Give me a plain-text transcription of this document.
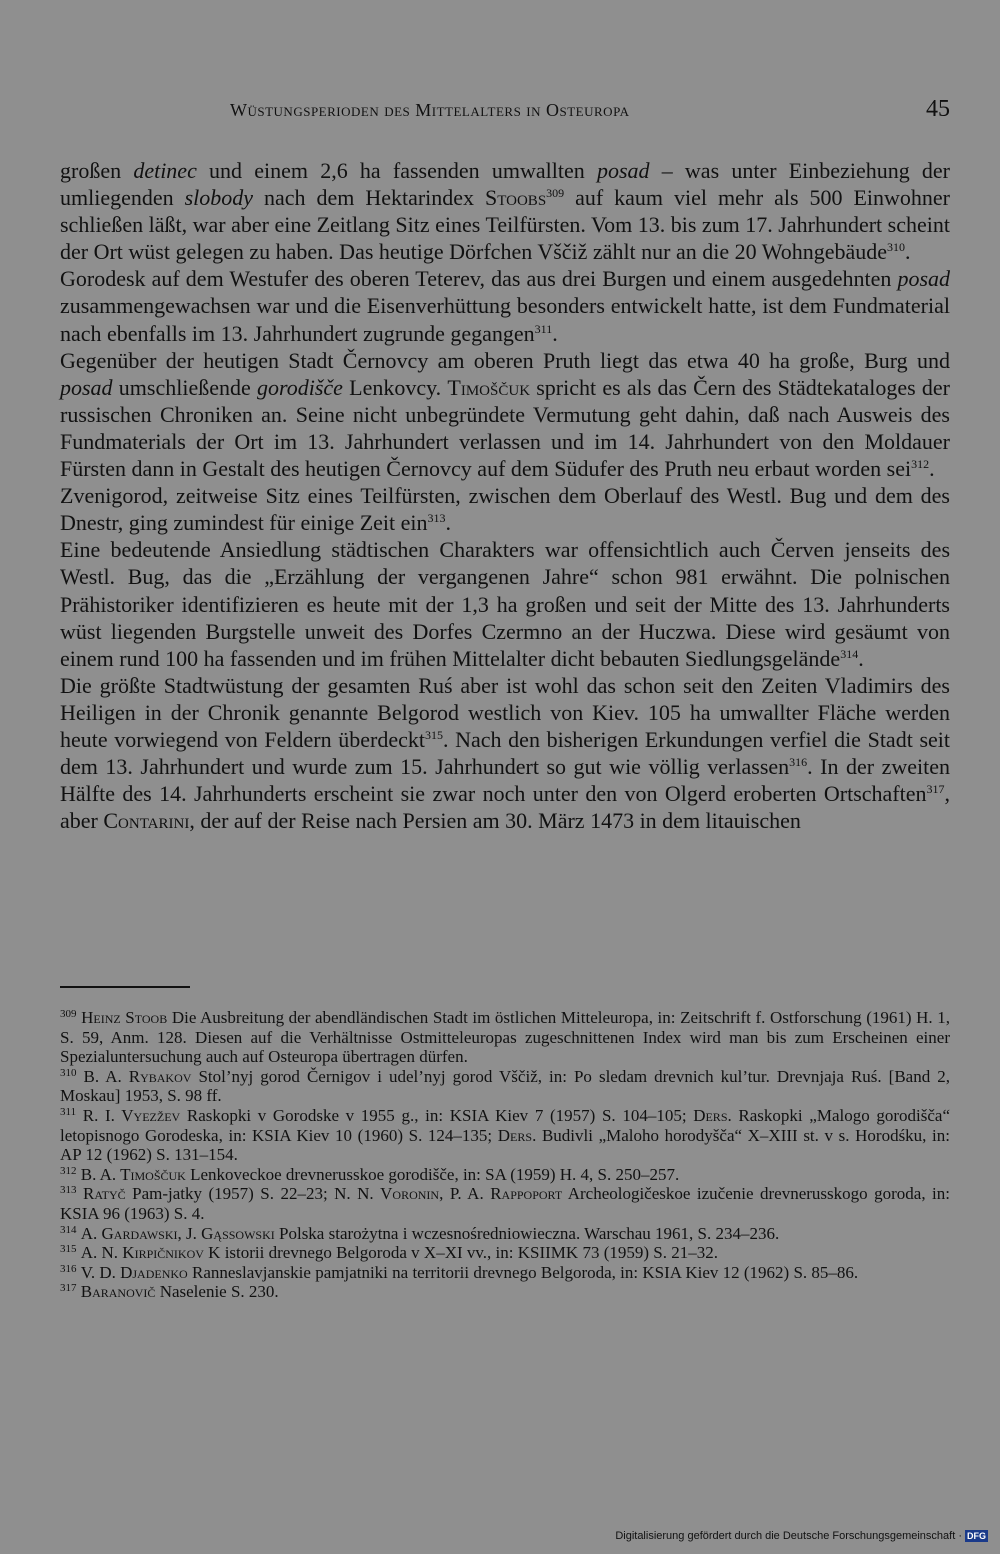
Wüstungsperioden des Mittelalters in Osteuropa	45

großen detinec und einem 2,6 ha fassenden umwallten posad – was unter Einbeziehung der umliegenden slobody nach dem Hektarindex Stoobs$^{309}$ auf kaum viel mehr als 500 Einwohner schließen läßt, war aber eine Zeitlang Sitz eines Teilfürsten. Vom 13. bis zum 17. Jahrhundert scheint der Ort wüst gelegen zu haben. Das heutige Dörfchen Vščiž zählt nur an die 20 Wohngebäude$^{310}$.

Gorodesk auf dem Westufer des oberen Teterev, das aus drei Burgen und einem ausgedehnten posad zusammengewachsen war und die Eisenverhüttung besonders entwickelt hatte, ist dem Fundmaterial nach ebenfalls im 13. Jahrhundert zugrunde gegangen$^{311}$.

Gegenüber der heutigen Stadt Černovcy am oberen Pruth liegt das etwa 40 ha große, Burg und posad umschließende gorodišče Lenkovcy. Timoščuk spricht es als das Čern des Städtekataloges der russischen Chroniken an. Seine nicht unbegründete Vermutung geht dahin, daß nach Ausweis des Fundmaterials der Ort im 13. Jahrhundert verlassen und im 14. Jahrhundert von den Moldauer Fürsten dann in Gestalt des heutigen Černovcy auf dem Südufer des Pruth neu erbaut worden sei$^{312}$.

Zvenigorod, zeitweise Sitz eines Teilfürsten, zwischen dem Oberlauf des Westl. Bug und dem des Dnestr, ging zumindest für einige Zeit ein$^{313}$.

Eine bedeutende Ansiedlung städtischen Charakters war offensichtlich auch Červen jenseits des Westl. Bug, das die „Erzählung der vergangenen Jahre“ schon 981 erwähnt. Die polnischen Prähistoriker identifizieren es heute mit der 1,3 ha großen und seit der Mitte des 13. Jahrhunderts wüst liegenden Burgstelle unweit des Dorfes Czermno an der Huczwa. Diese wird gesäumt von einem rund 100 ha fassenden und im frühen Mittelalter dicht bebauten Siedlungsgelände$^{314}$.

Die größte Stadtwüstung der gesamten Ruś aber ist wohl das schon seit den Zeiten Vladimirs des Heiligen in der Chronik genannte Belgorod westlich von Kiev. 105 ha umwallter Fläche werden heute vorwiegend von Feldern überdeckt$^{315}$. Nach den bisherigen Erkundungen verfiel die Stadt seit dem 13. Jahrhundert und wurde zum 15. Jahrhundert so gut wie völlig verlassen$^{316}$. In der zweiten Hälfte des 14. Jahrhunderts erscheint sie zwar noch unter den von Olgerd eroberten Ortschaften$^{317}$, aber Contarini, der auf der Reise nach Persien am 30. März 1473 in dem litauischen

$^{309}$ Heinz Stoob Die Ausbreitung der abendländischen Stadt im östlichen Mitteleuropa, in: Zeitschrift f. Ostforschung (1961) H. 1, S. 59, Anm. 128. Diesen auf die Verhältnisse Ostmitteleuropas zugeschnittenen Index wird man bis zum Erscheinen einer Spezialuntersuchung auch auf Osteuropa übertragen dürfen.

$^{310}$ B. A. Rybakov Stol’nyj gorod Černigov i udel’nyj gorod Vščiž, in: Po sledam drevnich kul’tur. Drevnjaja Ruś. [Band 2, Moskau] 1953, S. 98 ff.

$^{311}$ R. I. Vyezžev Raskopki v Gorodske v 1955 g., in: KSIA Kiev 7 (1957) S. 104–105; Ders. Raskopki „Malogo gorodišča“ letopisnogo Gorodeska, in: KSIA Kiev 10 (1960) S. 124–135; Ders. Budivli „Maloho horodyšča“ X–XIII st. v s. Horodśku, in: AP 12 (1962) S. 131–154.

$^{312}$ B. A. Timoščuk Lenkoveckoe drevnerusskoe gorodišče, in: SA (1959) H. 4, S. 250–257.

$^{313}$ Ratyč Pam-jatky (1957) S. 22–23; N. N. Voronin, P. A. Rappoport Archeologičeskoe izučenie drevnerusskogo goroda, in: KSIA 96 (1963) S. 4.

$^{314}$ A. Gardawski, J. Gąssowski Polska starożytna i wczesnośredniowieczna. Warschau 1961, S. 234–236.

$^{315}$ A. N. Kirpičnikov K istorii drevnego Belgoroda v X–XI vv., in: KSIIMK 73 (1959) S. 21–32.

$^{316}$ V. D. Djadenko Ranneslavjanskie pamjatniki na territorii drevnego Belgoroda, in: KSIA Kiev 12 (1962) S. 85–86.

$^{317}$ Baranovič Naselenie S. 230.

Digitalisierung gefördert durch die Deutsche Forschungsgemeinschaft · DFG
